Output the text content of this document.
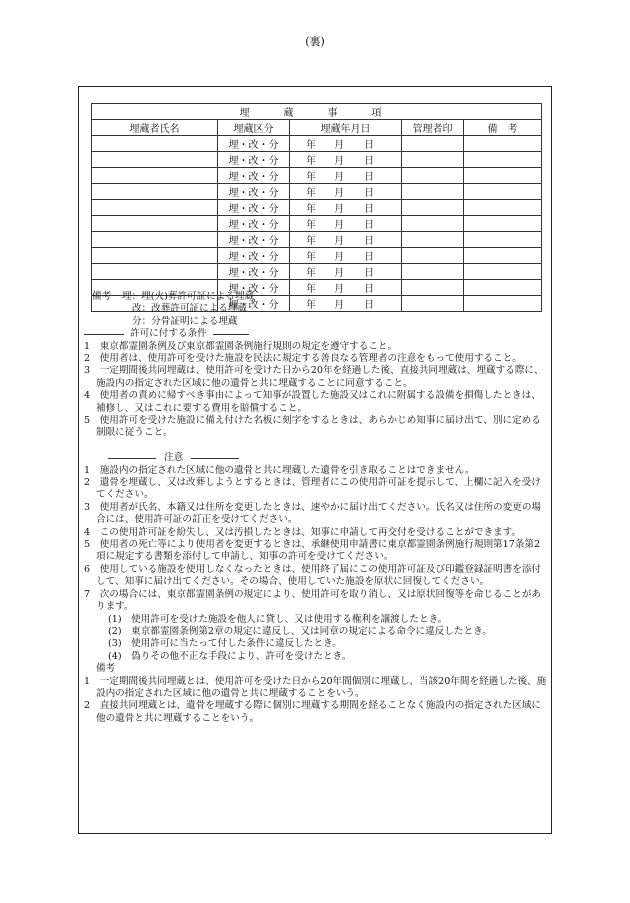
(裏)
埋　蔵　事　項				
埋蔵者氏名	埋蔵区分	埋蔵年月日	管理者印	備　考
	埋・改・分	年 月 日		
	埋・改・分	年 月 日		
	埋・改・分	年 月 日		
	埋・改・分	年 月 日		
	埋・改・分	年 月 日		
	埋・改・分	年 月 日		
	埋・改・分	年 月 日		
	埋・改・分	年 月 日		
	埋・改・分	年 月 日		
	埋・改・分	年 月 日		
	埋・改・分	年 月 日		
備考 埋：埋(火)葬許可証による埋蔵
改：改葬許可証による埋蔵
分：分骨証明による埋蔵
許可に付する条件

1　東京都霊園条例及び東京都霊園条例施行規則の規定を遵守すること。

2　使用者は、使用許可を受けた施設を民法に規定する善良なる管理者の注意をもって使用すること。

3　一定期間後共同埋蔵は、使用許可を受けた日から20年を経過した後、直接共同埋蔵は、埋蔵する際に、施設内の指定された区域に他の遺骨と共に埋蔵することに同意すること。

4　使用者の責めに帰すべき事由によって知事が設置した施設又はこれに附属する設備を損傷したときは、補修し、又はこれに要する費用を賠償すること。

5　使用許可を受けた施設に備え付けた名板に刻字をするときは、あらかじめ知事に届け出て、別に定める制限に従うこと。

注意

1　施設内の指定された区域に他の遺骨と共に埋蔵した遺骨を引き取ることはできません。

2　遺骨を埋蔵し、又は改葬しようとするときは、管理者にこの使用許可証を提示して、上欄に記入を受けてください。

3　使用者が氏名、本籍又は住所を変更したときは、速やかに届け出てください。氏名又は住所の変更の場合には、使用許可証の訂正を受けてください。

4　この使用許可証を紛失し、又は汚損したときは、知事に申請して再交付を受けることができます。

5　使用者の死亡等により使用者を変更するときは、承継使用申請書に東京都霊園条例施行規則第17条第2項に規定する書類を添付して申請し、知事の許可を受けてください。

6　使用している施設を使用しなくなったときは、使用終了届にこの使用許可証及び印鑑登録証明書を添付して、知事に届け出てください。その場合、使用していた施設を原状に回復してください。

7　次の場合には、東京都霊園条例の規定により、使用許可を取り消し、又は原状回復等を命じることがあります。

(1)　使用許可を受けた施設を他人に貸し、又は使用する権利を譲渡したとき。

(2)　東京都霊園条例第2章の規定に違反し、又は同章の規定による命令に違反したとき。

(3)　使用許可に当たって付した条件に違反したとき。

(4)　偽りその他不正な手段により、許可を受けたとき。

備考

1　一定期間後共同埋蔵とは、使用許可を受けた日から20年間個別に埋蔵し、当該20年間を経過した後、施設内の指定された区域に他の遺骨と共に埋蔵することをいう。

2　直接共同埋蔵とは、遺骨を埋蔵する際に個別に埋蔵する期間を経ることなく施設内の指定された区域に他の遺骨と共に埋蔵することをいう。
